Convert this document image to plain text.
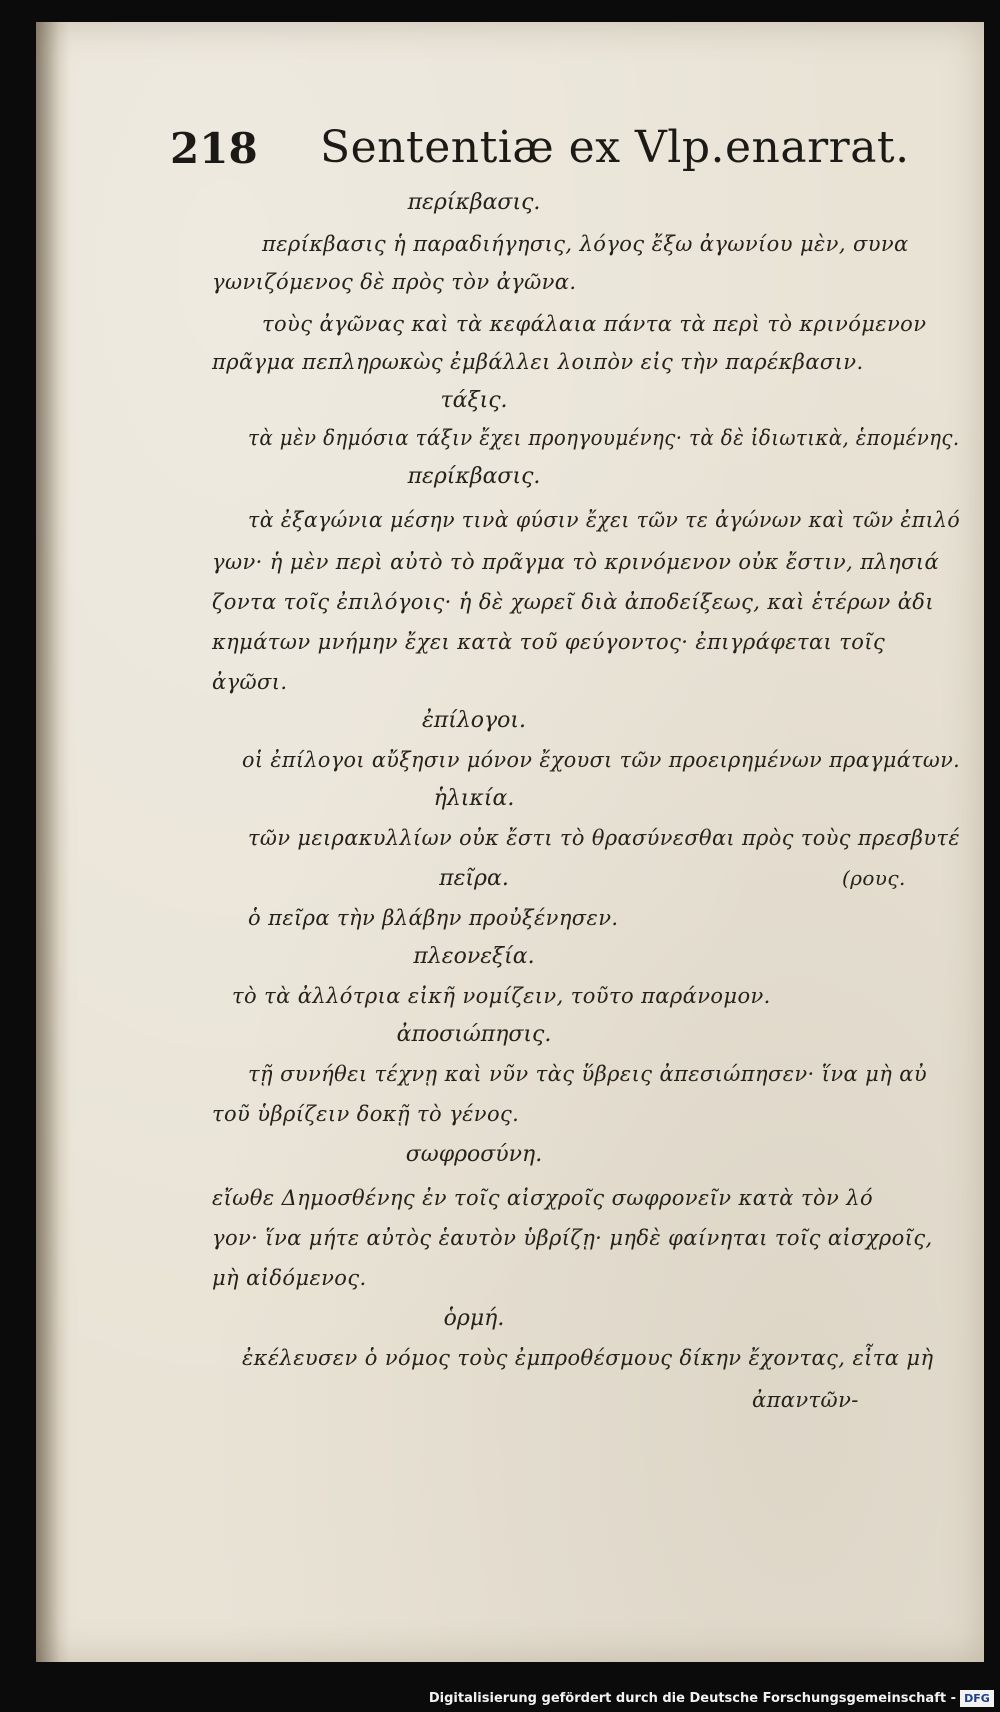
218 Sententiæ ex Vlp.enarrat.
περίκβασις.
περίκβασις ἡ παραδιήγησις, λόγος ἔξω ἀγωνίου μὲν, συνα
γωνιζόμενος δὲ πρὸς τὸν ἀγῶνα.
τοὺς ἀγῶνας καὶ τὰ κεφάλαια πάντα τὰ περὶ τὸ κρινόμενον
πρᾶγμα πεπληρωκὼς ἐμβάλλει λοιπὸν εἰς τὴν παρέκβασιν.
τάξις.
τὰ μὲν δημόσια τάξιν ἔχει προηγουμένης· τὰ δὲ ἰδιωτικὰ, ἑπομένης.
περίκβασις.
τὰ ἐξαγώνια μέσην τινὰ φύσιν ἔχει τῶν τε ἀγώνων καὶ τῶν ἐπιλό
γων· ἡ μὲν περὶ αὐτὸ τὸ πρᾶγμα τὸ κρινόμενον οὐκ ἔστιν, πλησιά
ζοντα τοῖς ἐπιλόγοις· ἡ δὲ χωρεῖ διὰ ἀποδείξεως, καὶ ἑτέρων ἀδι
κημάτων μνήμην ἔχει κατὰ τοῦ φεύγοντος· ἐπιγράφεται τοῖς
ἀγῶσι.
ἐπίλογοι.
οἱ ἐπίλογοι αὔξησιν μόνον ἔχουσι τῶν προειρημένων πραγμάτων.
ἡλικία.
τῶν μειρακυλλίων οὐκ ἔστι τὸ θρασύνεσθαι πρὸς τοὺς πρεσβυτέ
πεῖρα.	(ρους.
ὁ πεῖρα τὴν βλάβην προὐξένησεν.
πλεονεξία.
τὸ τὰ ἀλλότρια εἰκῆ νομίζειν, τοῦτο παράνομον.
ἀποσιώπησις.
τῇ συνήθει τέχνῃ καὶ νῦν τὰς ὕβρεις ἀπεσιώπησεν· ἵνα μὴ αὐ
τοῦ ὑβρίζειν δοκῇ τὸ γένος.
σωφροσύνη.
εἴωθε Δημοσθένης ἐν τοῖς αἰσχροῖς σωφρονεῖν κατὰ τὸν λό
γον· ἵνα μήτε αὐτὸς ἑαυτὸν ὑβρίζῃ· μηδὲ φαίνηται τοῖς αἰσχροῖς,
μὴ αἰδόμενος.
ὁρμή.
ἐκέλευσεν ὁ νόμος τοὺς ἐμπροθέσμους δίκην ἔχοντας, εἶτα μὴ
ἀπαντῶν-
Digitalisierung gefördert durch die Deutsche Forschungsgemeinschaft - DFG
